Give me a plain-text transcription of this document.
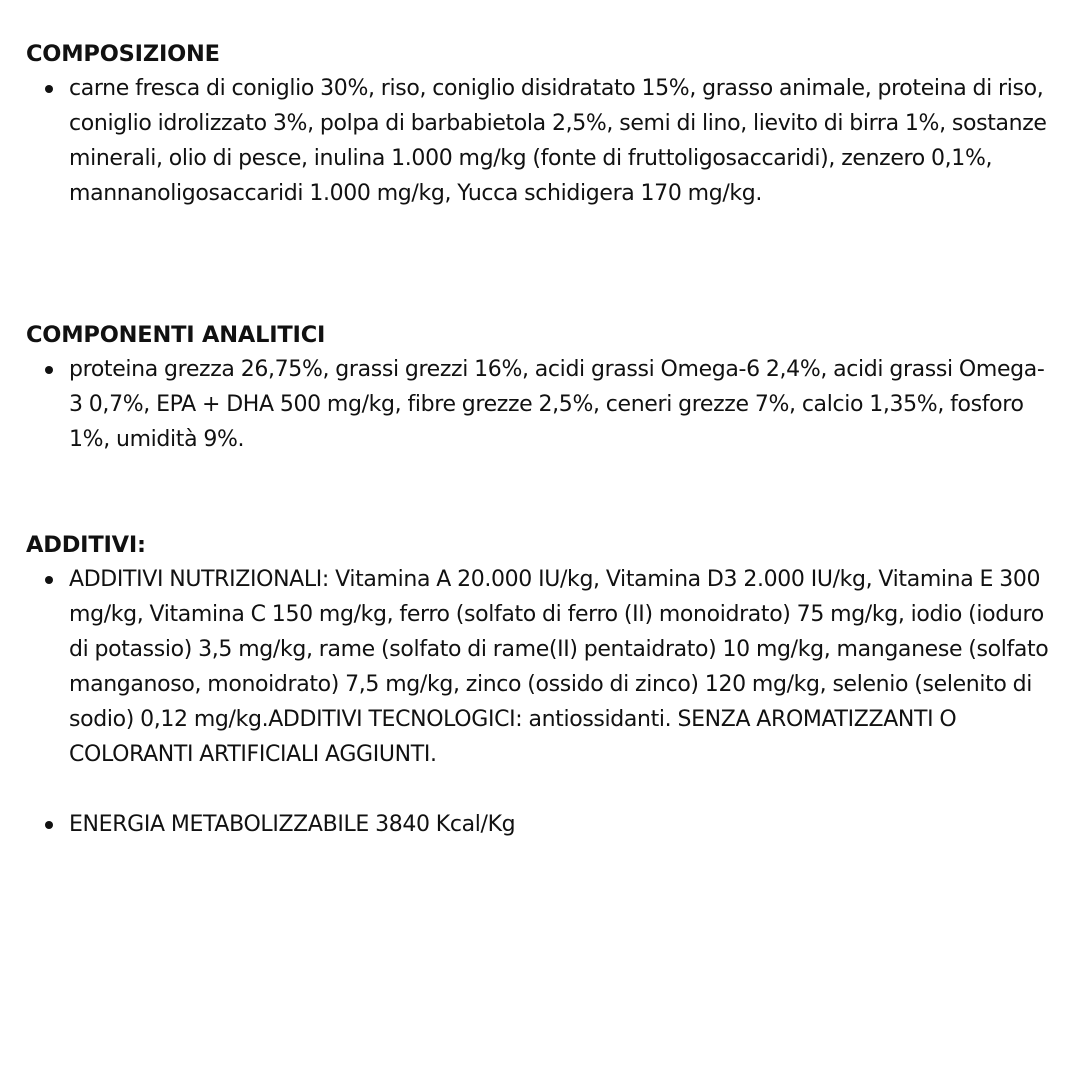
COMPOSIZIONE
carne fresca di coniglio 30%, riso, coniglio disidratato 15%, grasso animale, proteina di riso, coniglio idrolizzato 3%, polpa di barbabietola 2,5%, semi di lino, lievito di birra 1%, sostanze minerali, olio di pesce, inulina 1.000 mg/kg (fonte di fruttoligosaccaridi), zenzero 0,1%, mannanoligosaccaridi 1.000 mg/kg, Yucca schidigera 170 mg/kg.
COMPONENTI ANALITICI
proteina grezza 26,75%, grassi grezzi 16%, acidi grassi Omega-6 2,4%, acidi grassi Omega-3 0,7%, EPA + DHA 500 mg/kg, fibre grezze 2,5%, ceneri grezze 7%, calcio 1,35%, fosforo 1%, umidità 9%.
ADDITIVI:
ADDITIVI NUTRIZIONALI: Vitamina A 20.000 IU/kg, Vitamina D3 2.000 IU/kg, Vitamina E 300 mg/kg, Vitamina C 150 mg/kg, ferro (solfato di ferro (II) monoidrato) 75 mg/kg, iodio (ioduro di potassio) 3,5 mg/kg, rame (solfato di rame(II) pentaidrato) 10 mg/kg, manganese (solfato manganoso, monoidrato) 7,5 mg/kg, zinco (ossido di zinco) 120 mg/kg, selenio (selenito di sodio) 0,12 mg/kg.ADDITIVI TECNOLOGICI: antiossidanti. SENZA AROMATIZZANTI O COLORANTI ARTIFICIALI AGGIUNTI.
ENERGIA METABOLIZZABILE 3840 Kcal/Kg
